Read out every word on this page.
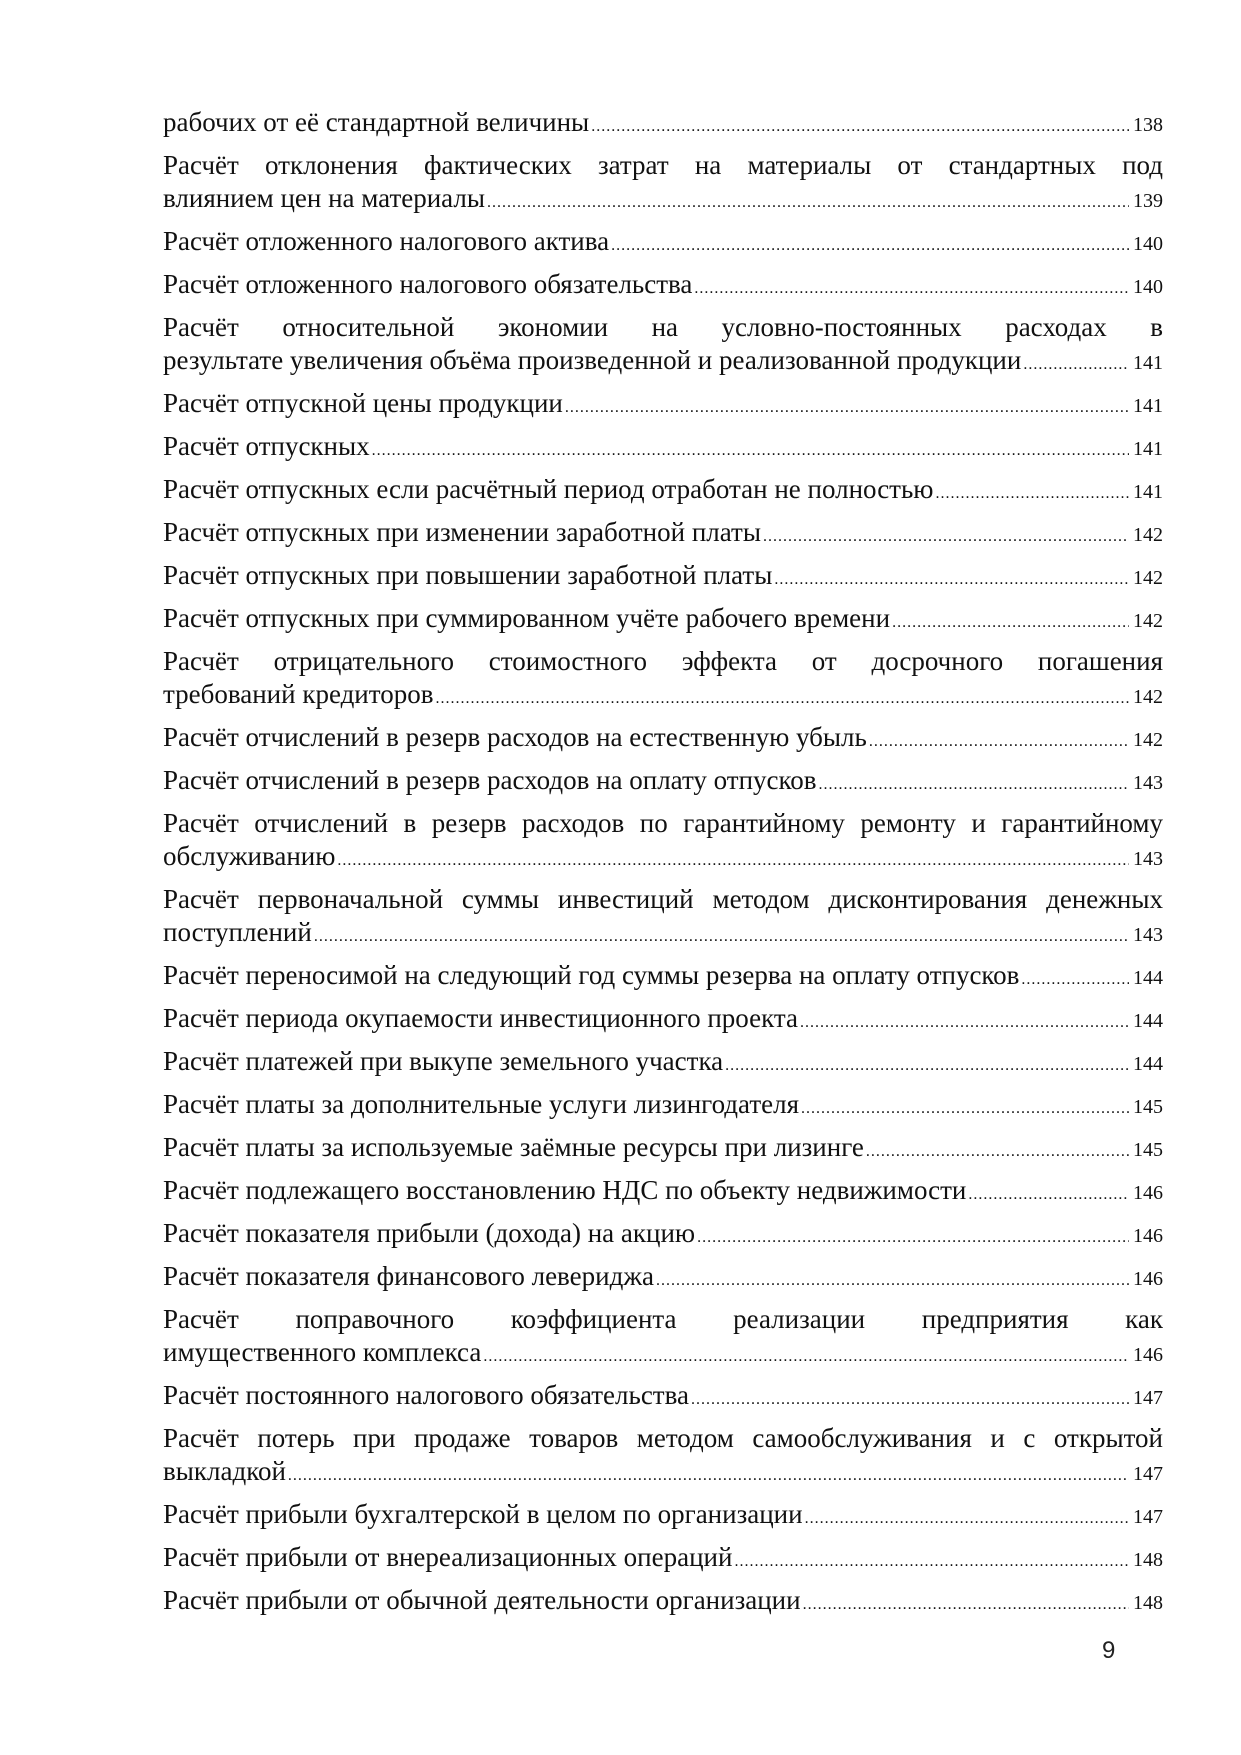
рабочих от её стандартной величины .....	138
Расчёт отклонения фактических затрат на материалы от стандартных под
влиянием цен на материалы .....	139
Расчёт отложенного налогового актива .....	140
Расчёт отложенного налогового обязательства .....	140
Расчёт относительной экономии на условно-постоянных расходах в
результате увеличения объёма произведенной и реализованной продукции .....	141
Расчёт отпускной цены продукции .....	141
Расчёт отпускных .....	141
Расчёт отпускных если расчётный период отработан не полностью .....	141
Расчёт отпускных при изменении заработной платы .....	142
Расчёт отпускных при повышении заработной платы .....	142
Расчёт отпускных при суммированном учёте рабочего времени .....	142
Расчёт отрицательного стоимостного эффекта от досрочного погашения
требований кредиторов .....	142
Расчёт отчислений в резерв расходов на естественную убыль .....	142
Расчёт отчислений в резерв расходов на оплату отпусков .....	143
Расчёт отчислений в резерв расходов по гарантийному ремонту и гарантийному
обслуживанию .....	143
Расчёт первоначальной суммы инвестиций методом дисконтирования денежных
поступлений .....	143
Расчёт переносимой на следующий год суммы резерва на оплату отпусков .....	144
Расчёт периода окупаемости инвестиционного проекта .....	144
Расчёт платежей при выкупе земельного участка .....	144
Расчёт платы за дополнительные услуги лизингодателя .....	145
Расчёт платы за используемые заёмные ресурсы при лизинге .....	145
Расчёт подлежащего восстановлению НДС по объекту недвижимости .....	146
Расчёт показателя прибыли (дохода) на акцию .....	146
Расчёт показателя финансового левериджа .....	146
Расчёт поправочного коэффициента реализации предприятия как
имущественного комплекса .....	146
Расчёт постоянного налогового обязательства .....	147
Расчёт потерь при продаже товаров методом самообслуживания и с открытой
выкладкой .....	147
Расчёт прибыли бухгалтерской в целом по организации .....	147
Расчёт прибыли от внереализационных операций .....	148
Расчёт прибыли от обычной деятельности организации .....	148
9
